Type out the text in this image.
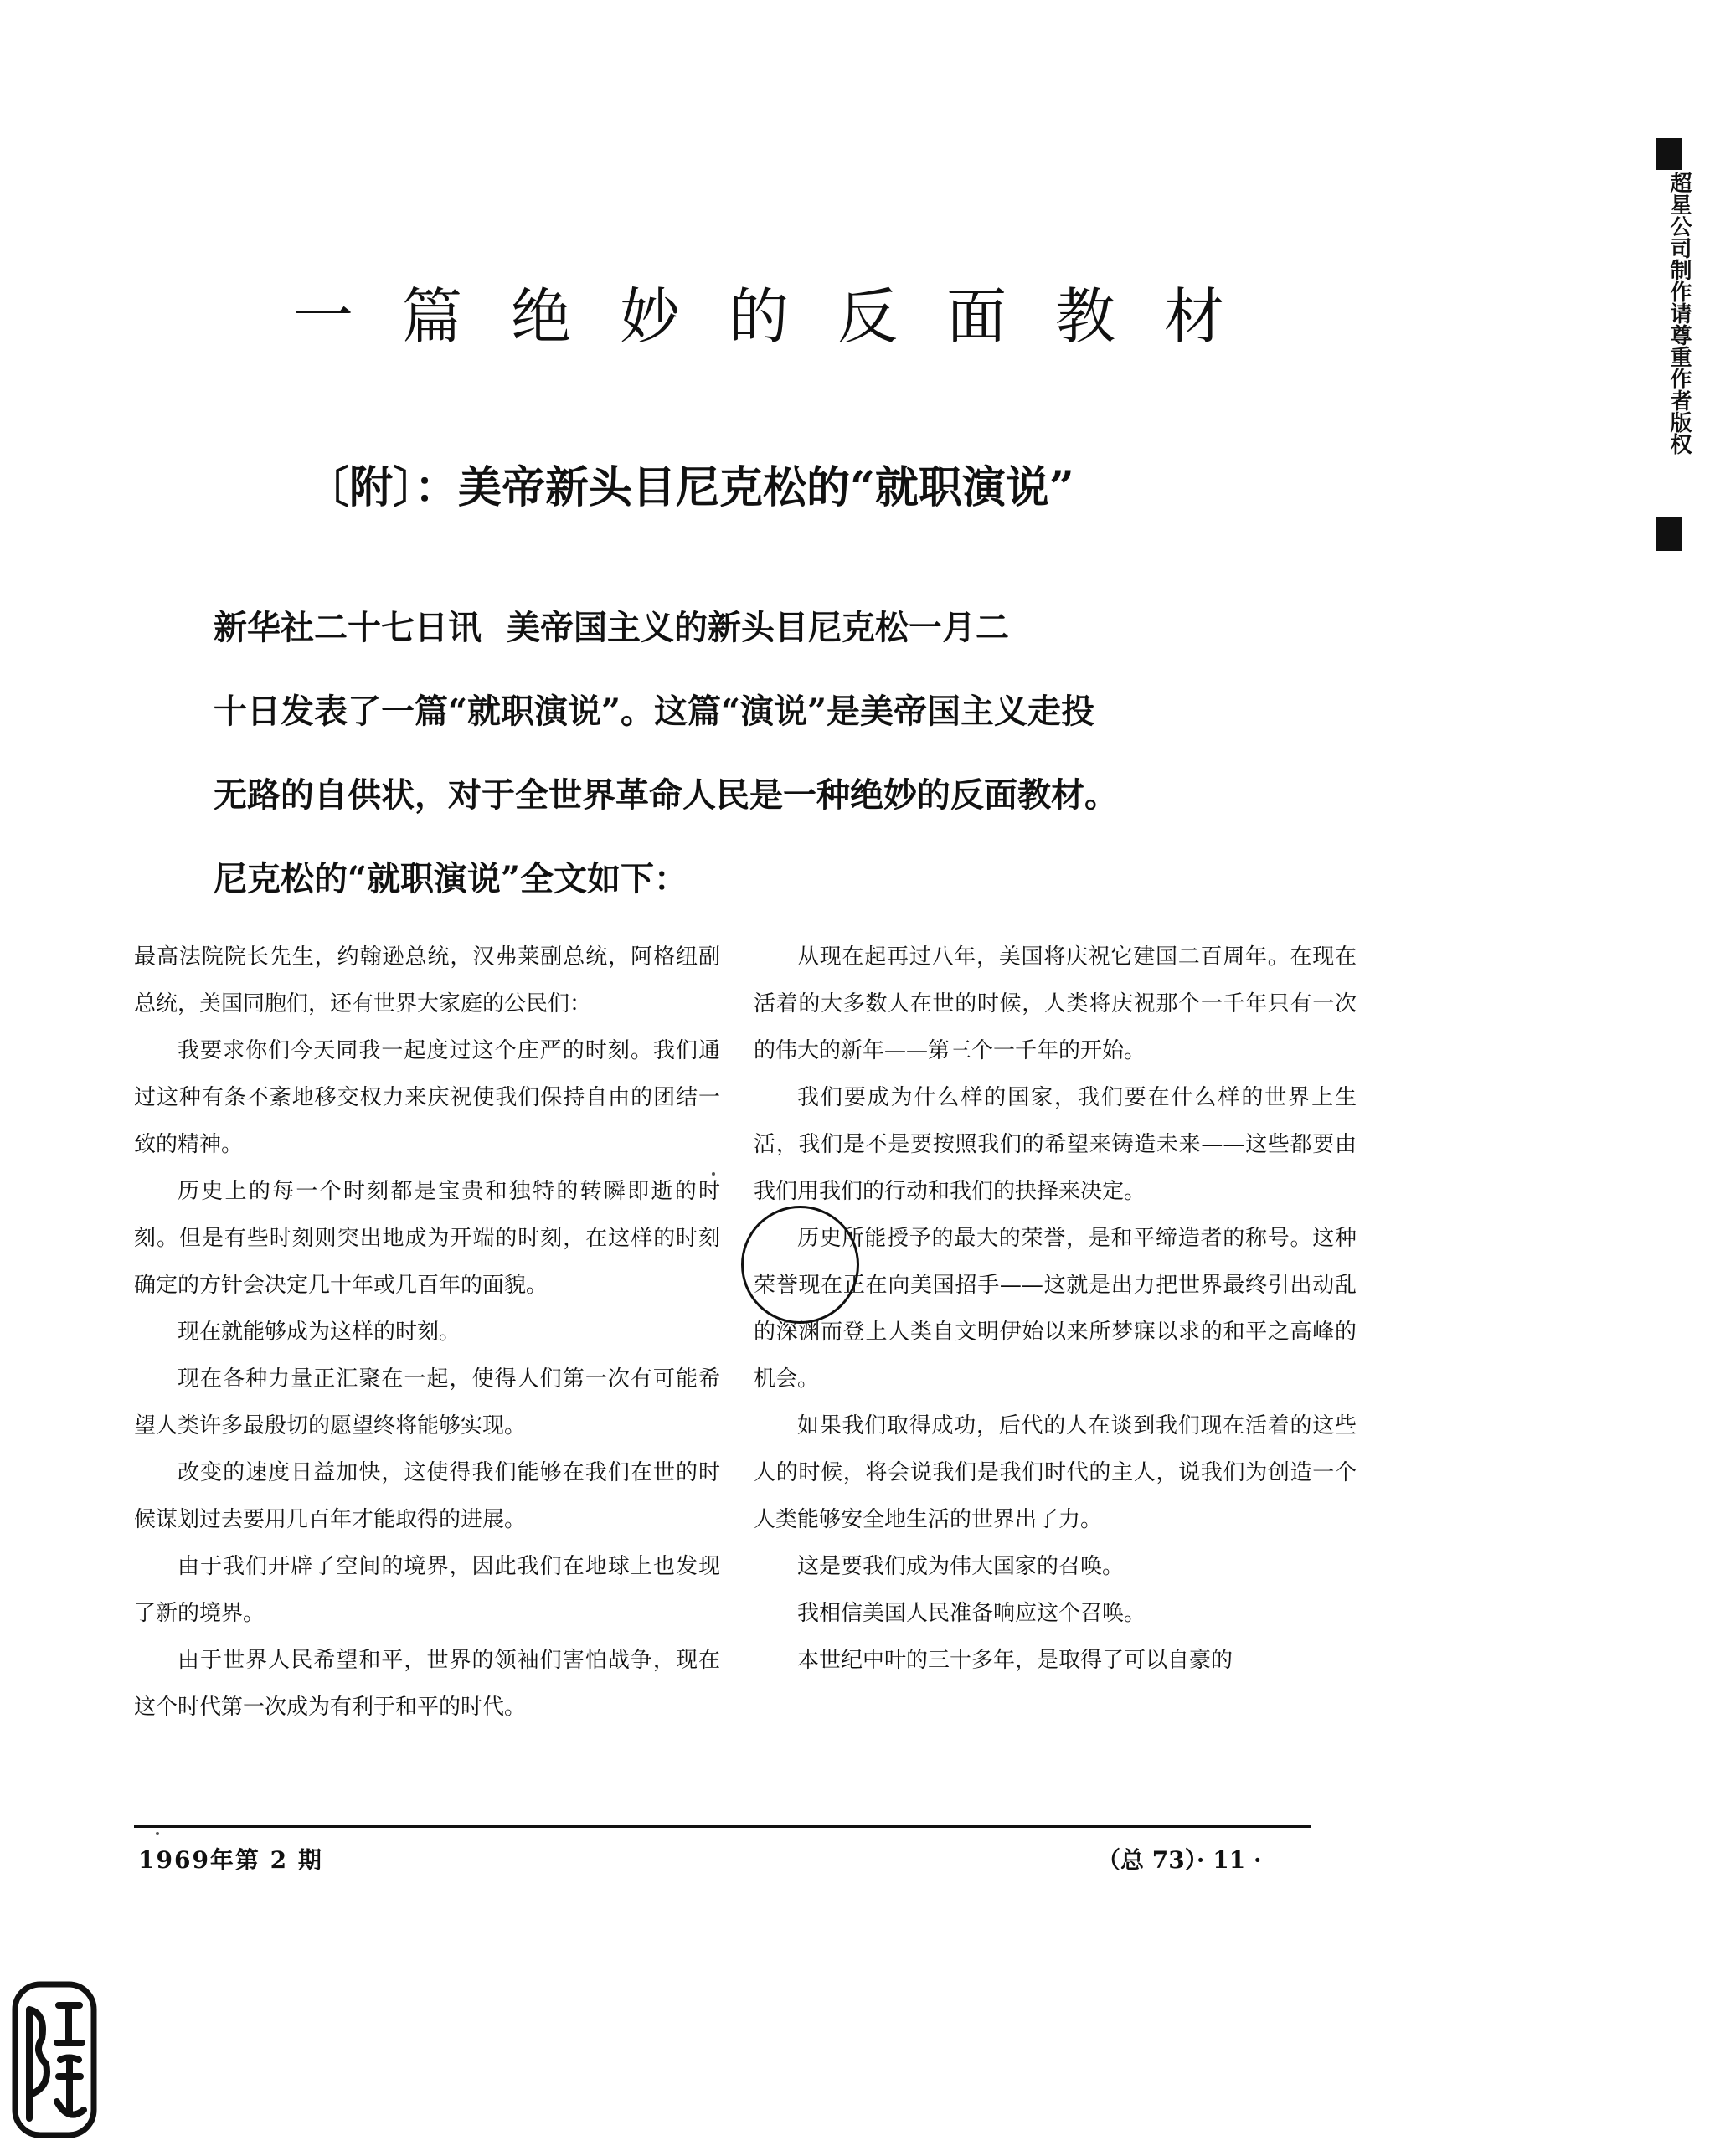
一篇绝妙的反面教材
〔附〕：美帝新头目尼克松的“就职演说”

新华社二十七日讯 美帝国主义的新头目尼克松一月二

十日发表了一篇“就职演说”。这篇“演说”是美帝国主义走投

无路的自供状，对于全世界革命人民是一种绝妙的反面教材。

尼克松的“就职演说”全文如下：

最高法院院长先生，约翰逊总统，汉弗莱副总统，阿格纽副总统，美国同胞们，还有世界大家庭的公民们：

我要求你们今天同我一起度过这个庄严的时刻。我们通过这种有条不紊地移交权力来庆祝使我们保持自由的团结一致的精神。

历史上的每一个时刻都是宝贵和独特的转瞬即逝的时刻。但是有些时刻则突出地成为开端的时刻，在这样的时刻确定的方针会决定几十年或几百年的面貌。

现在就能够成为这样的时刻。

现在各种力量正汇聚在一起，使得人们第一次有可能希望人类许多最殷切的愿望终将能够实现。

改变的速度日益加快，这使得我们能够在我们在世的时候谋划过去要用几百年才能取得的进展。

由于我们开辟了空间的境界，因此我们在地球上也发现了新的境界。

由于世界人民希望和平，世界的领袖们害怕战争，现在这个时代第一次成为有利于和平的时代。

从现在起再过八年，美国将庆祝它建国二百周年。在现在活着的大多数人在世的时候，人类将庆祝那个一千年只有一次的伟大的新年——第三个一千年的开始。

我们要成为什么样的国家，我们要在什么样的世界上生活，我们是不是要按照我们的希望来铸造未来——这些都要由我们用我们的行动和我们的抉择来决定。

历史所能授予的最大的荣誉，是和平缔造者的称号。这种荣誉现在正在向美国招手——这就是出力把世界最终引出动乱的深渊而登上人类自文明伊始以来所梦寐以求的和平之高峰的机会。

如果我们取得成功，后代的人在谈到我们现在活着的这些人的时候，将会说我们是我们时代的主人，说我们为创造一个人类能够安全地生活的世界出了力。

这是要我们成为伟大国家的召唤。

我相信美国人民准备响应这个召唤。

本世纪中叶的三十多年，是取得了可以自豪的

1969年第 2 期	（总 73）· 11 ·
超星公司制作请尊重作者版权
